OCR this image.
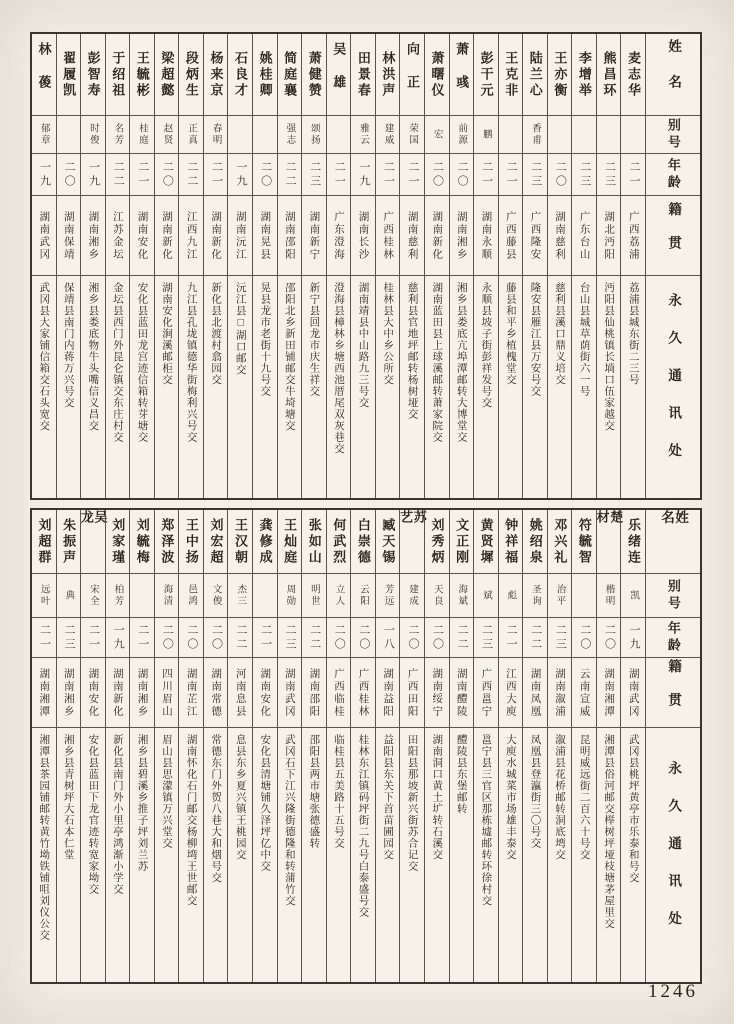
姓名
别号
年龄
籍贯
永久通讯处
麦志华
二一
广西荔浦
荔浦县城东街二三号
熊昌环
二三
湖北沔阳
沔阳县仙桃镇长埫口伍家越交
李增举
二三
广东台山
台山县城草荫街六一号
王亦衡
二〇
湖南慈利
慈利县溪口鼎义培交
陆兰心
香甫
二三
广西隆安
隆安县雁江县万安号交
王克非
二一
广西藤县
藤县和平乡植槐堂交
彭干元
鹏
二一
湖南永顺
永顺县坡子街彭祥发号交
萧彧
前源
二〇
湖南湘乡
湘乡县娄底亢埠潭邮转大博堂交
萧曙仪
宏
二〇
湖南新化
湖南蓝田县上球溪邮转萧家院交
向正
荣国
二一
湖南慈利
慈利县官地坪邮转杨树垭交
林洪声
建威
二一
广西桂林
桂林县大中乡公所交
田景春
雅云
一九
湖南长沙
湖南靖县中山路九三号交
吴雄
二一
广东澄海
澄海县樟林乡塘西池厝尾双灰巷交
萧健赞
颂扬
二三
湖南新宁
新宁县回龙市庆生祥交
简庭襄
强志
二二
湖南邵阳
邵阳北乡新田铺邮交牛埼塘交
姚桂卿
二〇
湖南晃县
晃县龙市老街十九号交
石良才
一九
湖南沅江
沅江县□湖口邮交
杨来京
春明
二一
湖南新化
新化县北渡村翕园交
段炳生
正真
二二
江西九江
九江县孔垅镇德华街梅利兴号交
梁超懿
赵贤
二〇
湖南新化
湖南安化涧溪邮柜交
王毓彬
桂庭
二一
湖南安化
安化县蓝田龙宫迹信箱转芽塘交
于绍祖
名芳
二二
江苏金坛
金坛县西门外昆仑镇交东庄村交
彭智寿
时俊
一九
湖南湘乡
湘乡县娄底物牛头嘴信义昌交
翟履凯
二〇
湖南保靖
保靖县南门内蒋万兴号交
林葰
郁章
一九
湖南武冈
武冈县大家铺信箱交石头宽交
姓名
别号
年龄
籍贯
永久通讯处
乐绪连
凯
一九
湖南武冈
武冈县桃坪黄亭市乐泰和号交
楚材
楷明
二〇
湖南湘潭
湘潭县俗河邮交榉树坪垭枝塘茅屋里交
符毓智
二〇
云南宣威
昆明威远街二百六十号交
邓兴礼
治平
二三
湖南溆浦
溆浦县花桥邮转洞底塆交
姚绍泉
圣询
二二
湖南凤凰
凤凰县登瀛街三〇号交
钟祥福
彪
二一
江西大庾
大庾水城菜市场雄丰泰交
黄贤墀
斌
二三
广西邕宁
邕宁县三官区那栋墟邮转环徐村交
文正刚
海斌
二二
湖南醴陵
醴陵县东堡邮转
刘秀炳
天良
二〇
湖南绥宁
湖南洞口黄土圹转石溪交
苏艺
建成
二〇
广西田阳
田阳县那坡新兴街苏合记交
臧天锡
芳远
一八
湖南益阳
益阳县东关下首苗圃园交
白崇德
云阳
二〇
广西桂林
桂林东江镇码坪街二九号白泰盛号交
何武烈
立人
二〇
广西临桂
临桂县五美路十五号交
张如山
明世
二二
湖南邵阳
邵阳县两市塘张德盛转
王灿庭
周勋
二三
湖南武冈
武冈石下江兴隆街德隆和转蒲竹交
龚修成
二一
湖南安化
安化县清塘铺久泽坪亿中交
王汉朝
杰三
二二
河南息县
息县东乡夏兴镇王桃园交
刘宏超
文俊
二〇
湖南常德
常德东门外贺八巷大和烟号交
王中扬
邑鸿
二〇
湖南芷江
湖南怀化石门邮交杨柳塆王世邮交
郑泽波
海清
二〇
四川眉山
眉山县思濛镇万兴堂交
刘毓梅
二一
湖南湘乡
湘乡县碧溪乡推子坪刘兰苏
刘家瑾
柏芳
一九
湖南新化
新化县南门外小里亭鸿渐小学交
吴龙
宋全
二一
湖南安化
安化县蓝田下龙官迹转宽家坳交
朱振声
典
二三
湖南湘乡
湘乡县青树坪大石本仁堂
刘超群
远叶
二一
湖南湘潭
湘潭县茶园铺邮转黄竹坳铁铺咀刘仪公交
1246
